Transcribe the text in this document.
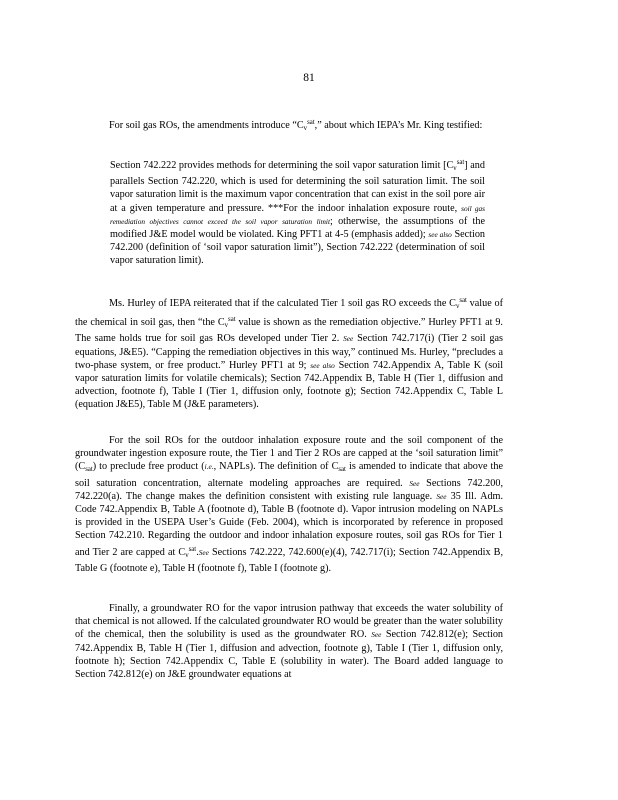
81

For soil gas ROs, the amendments introduce “$C_v^{sat}$,” about which IEPA’s Mr. King testified:

Section 742.222 provides methods for determining the soil vapor saturation limit $[C_v^{sat}]$ and parallels Section 742.220, which is used for determining the soil saturation limit. The soil vapor saturation limit is the maximum vapor concentration that can exist in the soil pore air at a given temperature and pressure. ***For the indoor inhalation exposure route, soil gas remediation objectives cannot exceed the soil vapor saturation limit; otherwise, the assumptions of the modified J&E model would be violated. King PFT1 at 4-5 (emphasis added); see also Section 742.200 (definition of ‘soil vapor saturation limit”), Section 742.222 (determination of soil vapor saturation limit).

Ms. Hurley of IEPA reiterated that if the calculated Tier 1 soil gas RO exceeds the $C_v^{sat}$ value of the chemical in soil gas, then “the $C_v^{sat}$ value is shown as the remediation objective.” Hurley PFT1 at 9. The same holds true for soil gas ROs developed under Tier 2. See Section 742.717(i) (Tier 2 soil gas equations, J&E5). “Capping the remediation objectives in this way,” continued Ms. Hurley, “precludes a two-phase system, or free product.” Hurley PFT1 at 9; see also Section 742.Appendix A, Table K (soil vapor saturation limits for volatile chemicals); Section 742.Appendix B, Table H (Tier 1, diffusion and advection, footnote f), Table I (Tier 1, diffusion only, footnote g); Section 742.Appendix C, Table L (equation J&E5), Table M (J&E parameters).

For the soil ROs for the outdoor inhalation exposure route and the soil component of the groundwater ingestion exposure route, the Tier 1 and Tier 2 ROs are capped at the ‘soil saturation limit” $(C_{sat})$ to preclude free product (i.e., NAPLs). The definition of $C_{sat}$ is amended to indicate that above the soil saturation concentration, alternate modeling approaches are required. See Sections 742.200, 742.220(a). The change makes the definition consistent with existing rule language. See 35 Ill. Adm. Code 742.Appendix B, Table A (footnote d), Table B (footnote d). Vapor intrusion modeling on NAPLs is provided in the USEPA User’s Guide (Feb. 2004), which is incorporated by reference in proposed Section 742.210. Regarding the outdoor and indoor inhalation exposure routes, soil gas ROs for Tier 1 and Tier 2 are capped at $C_v^{sat}.See$ Sections 742.222, 742.600(e)(4), 742.717(i); Section 742.Appendix B, Table G (footnote e), Table H (footnote f), Table I (footnote g).

Finally, a groundwater RO for the vapor intrusion pathway that exceeds the water solubility of that chemical is not allowed. If the calculated groundwater RO would be greater than the water solubility of the chemical, then the solubility is used as the groundwater RO. See Section 742.812(e); Section 742.Appendix B, Table H (Tier 1, diffusion and advection, footnote g), Table I (Tier 1, diffusion only, footnote h); Section 742.Appendix C, Table E (solubility in water). The Board added language to Section 742.812(e) on J&E groundwater equations at
